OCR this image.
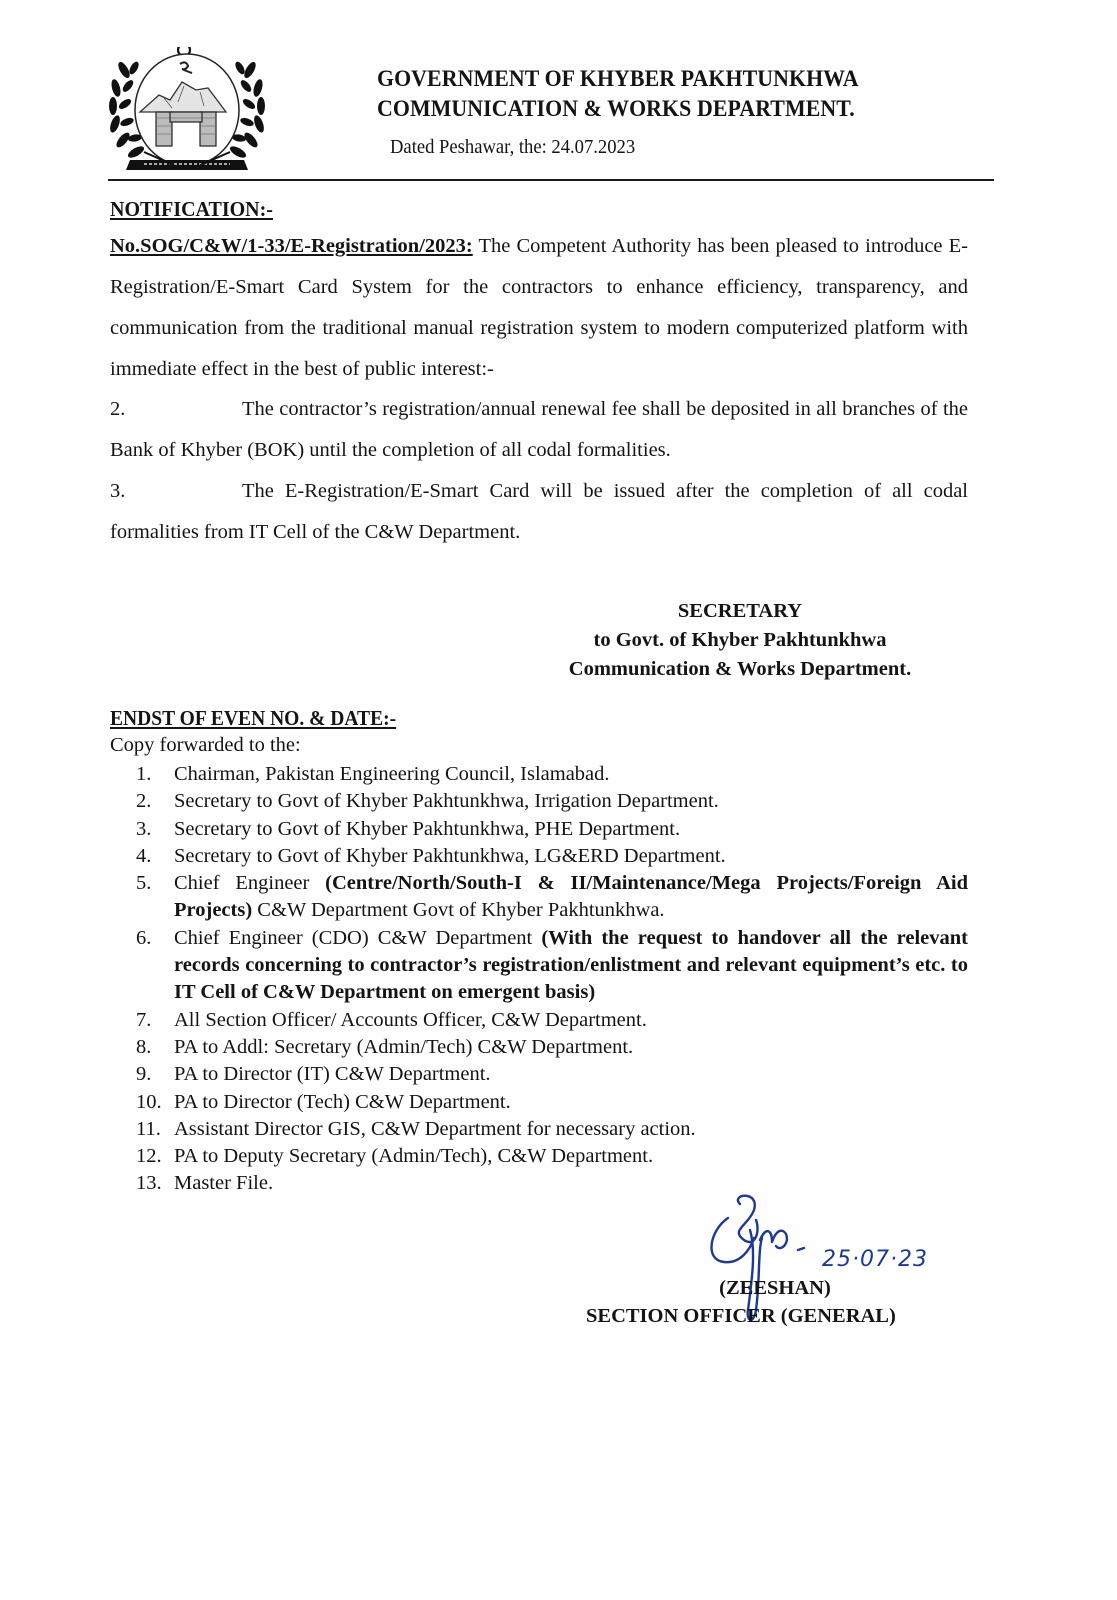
GOVERNMENT OF KHYBER PAKHTUNKHWA
COMMUNICATION & WORKS DEPARTMENT.
Dated Peshawar, the: 24.07.2023
NOTIFICATION:-
No.SOG/C&W/1-33/E-Registration/2023: The Competent Authority has been pleased to introduce E-Registration/E-Smart Card System for the contractors to enhance efficiency, transparency, and communication from the traditional manual registration system to modern computerized platform with immediate effect in the best of public interest:-
2.	The contractor’s registration/annual renewal fee shall be deposited in all branches of the Bank of Khyber (BOK) until the completion of all codal formalities.
3.	The E-Registration/E-Smart Card will be issued after the completion of all codal formalities from IT Cell of the C&W Department.
SECRETARY
to Govt. of Khyber Pakhtunkhwa
Communication & Works Department.
ENDST OF EVEN NO. & DATE:-
Copy forwarded to the:
1. Chairman, Pakistan Engineering Council, Islamabad.
2. Secretary to Govt of Khyber Pakhtunkhwa, Irrigation Department.
3. Secretary to Govt of Khyber Pakhtunkhwa, PHE Department.
4. Secretary to Govt of Khyber Pakhtunkhwa, LG&ERD Department.
5. Chief Engineer (Centre/North/South-I & II/Maintenance/Mega Projects/Foreign Aid Projects) C&W Department Govt of Khyber Pakhtunkhwa.
6. Chief Engineer (CDO) C&W Department (With the request to handover all the relevant records concerning to contractor’s registration/enlistment and relevant equipment’s etc. to IT Cell of C&W Department on emergent basis)
7. All Section Officer/ Accounts Officer, C&W Department.
8. PA to Addl: Secretary (Admin/Tech) C&W Department.
9. PA to Director (IT) C&W Department.
10. PA to Director (Tech) C&W Department.
11. Assistant Director GIS, C&W Department for necessary action.
12. PA to Deputy Secretary (Admin/Tech), C&W Department.
13. Master File.
25·07·23
(ZEESHAN)
SECTION OFFICER (GENERAL)
